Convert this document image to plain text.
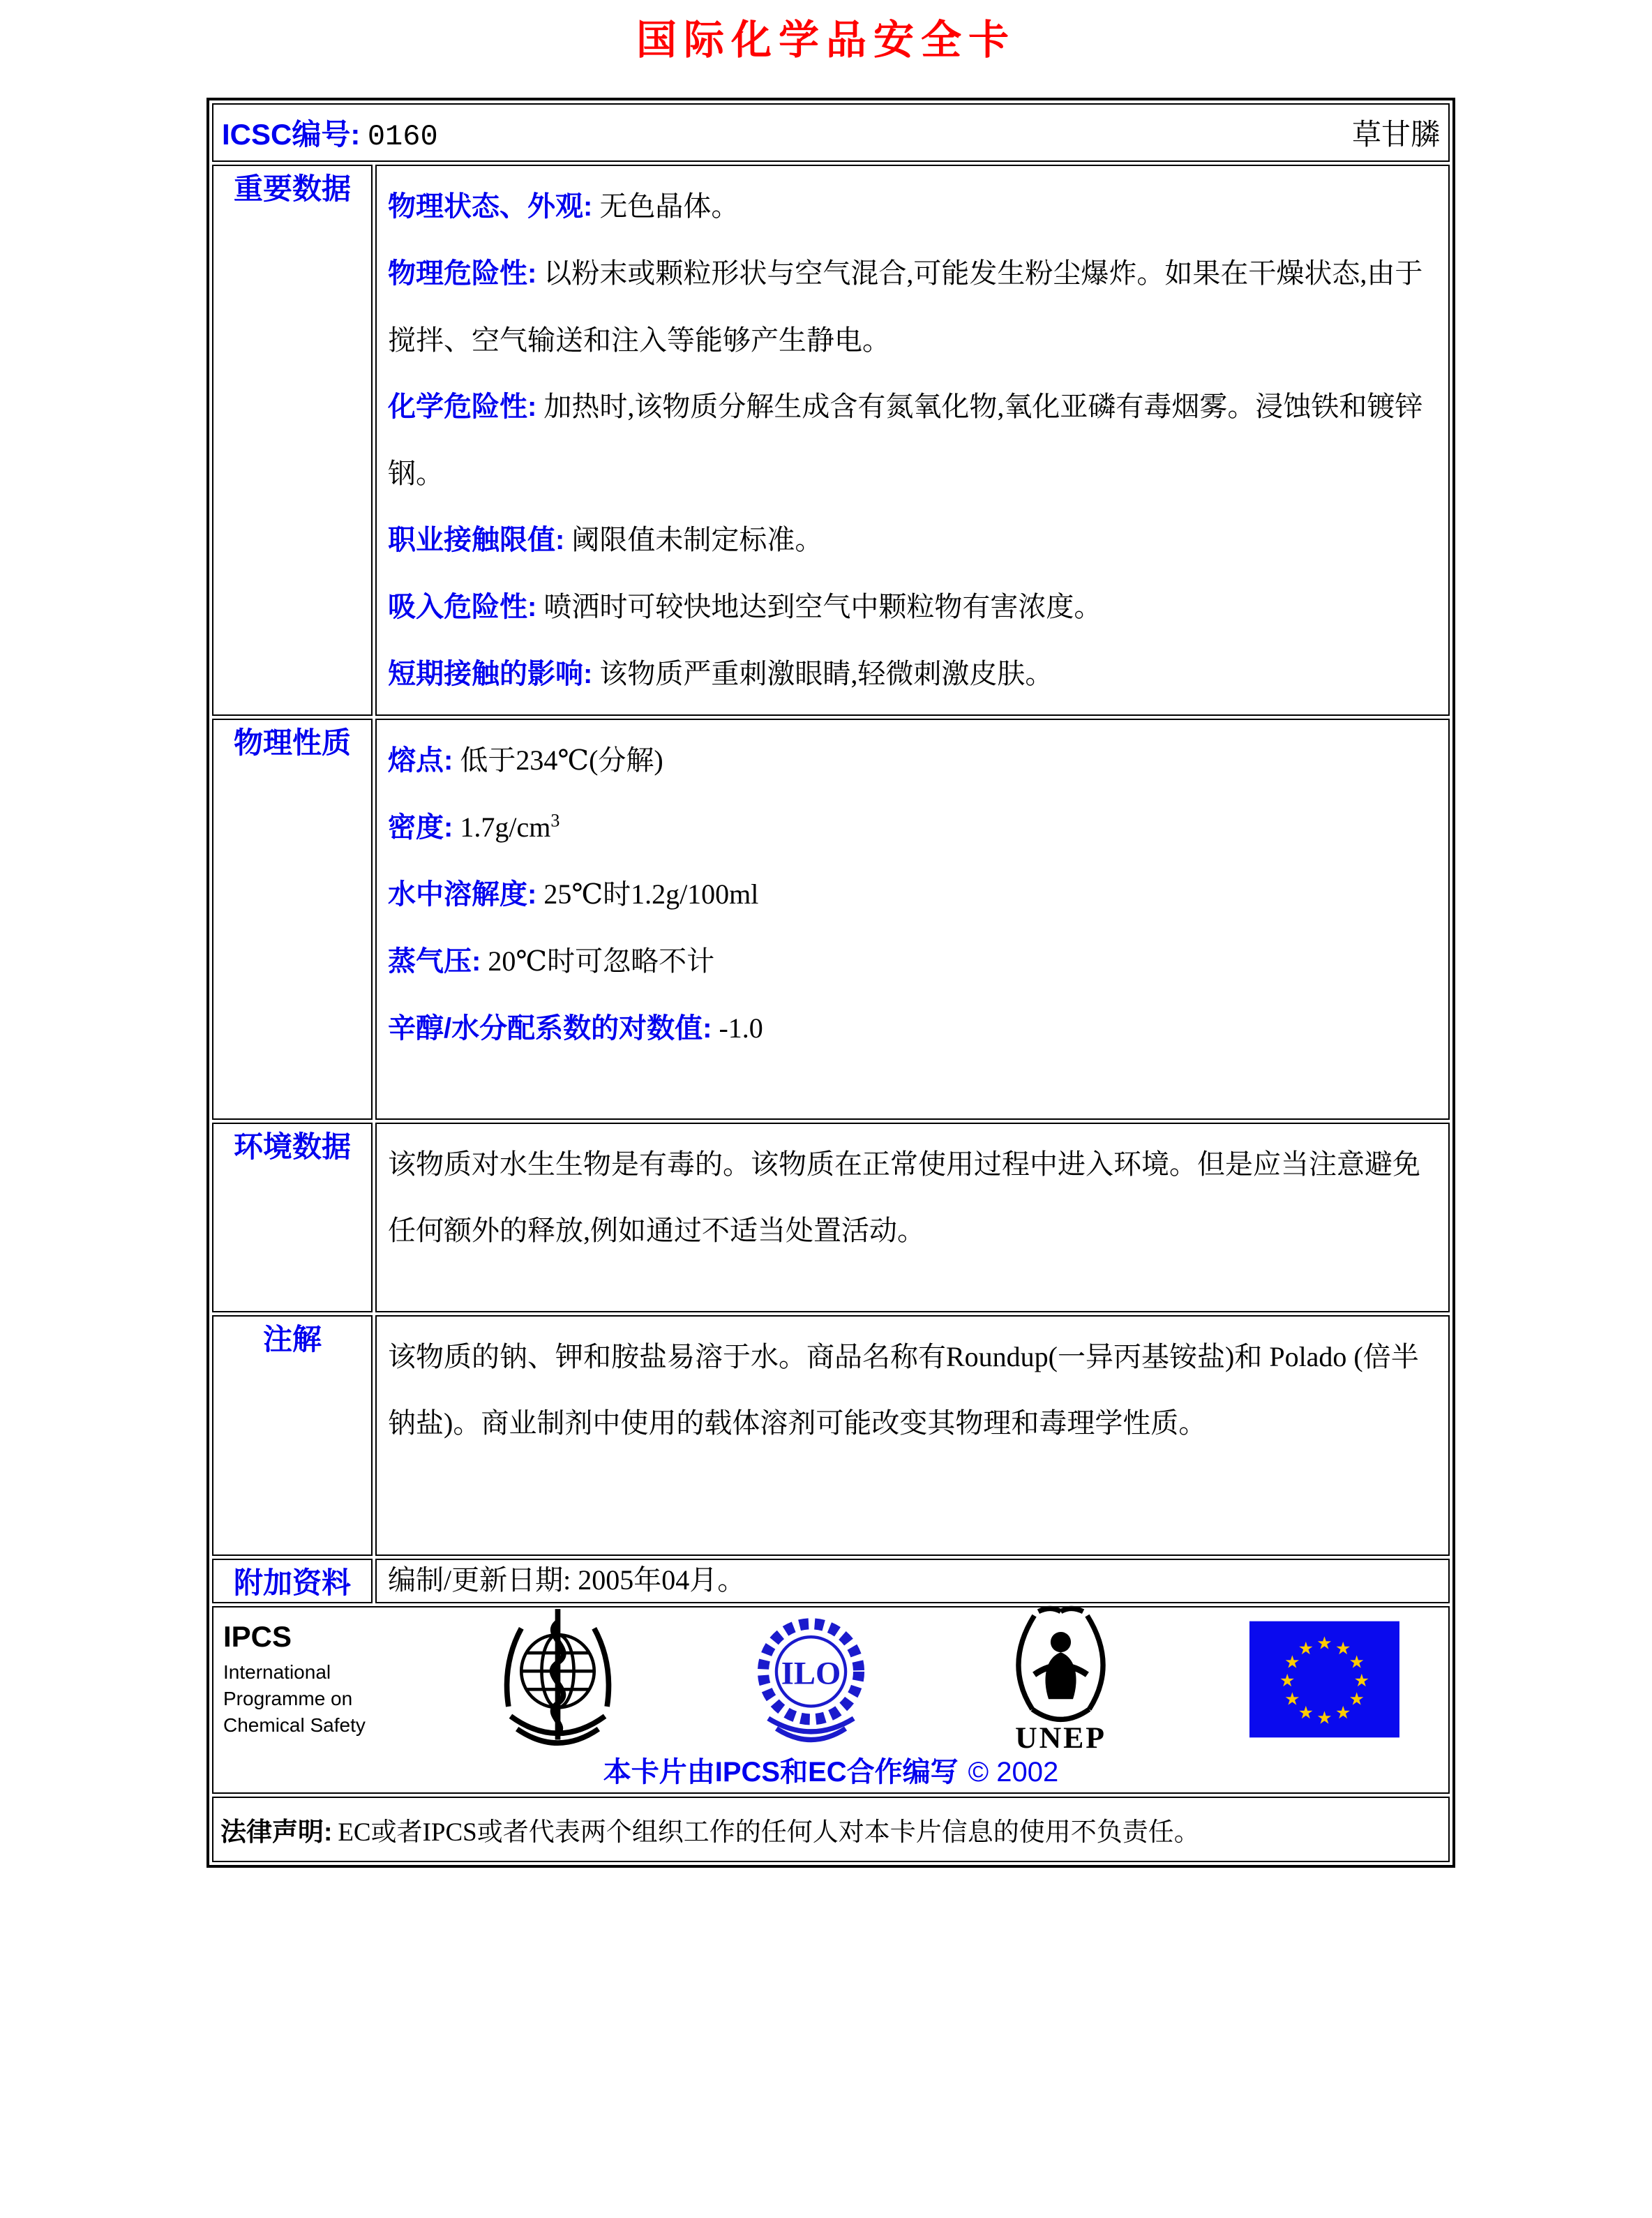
国际化学品安全卡
ICSC编号: 0160 草甘膦	

重要数据	

物理状态、外观: 无色晶体。

物理危险性: 以粉末或颗粒形状与空气混合,可能发生粉尘爆炸。如果在干燥状态,由于搅拌、空气输送和注入等能够产生静电。

化学危险性: 加热时,该物质分解生成含有氮氧化物,氧化亚磷有毒烟雾。浸蚀铁和镀锌钢。

职业接触限值: 阈限值未制定标准。

吸入危险性: 喷洒时可较快地达到空气中颗粒物有害浓度。

短期接触的影响: 该物质严重刺激眼睛,轻微刺激皮肤。

物理性质	熔点: 低于234℃(分解)

密度: $1.7g/cm^3$

水中溶解度: 25℃时1.2g/100ml

蒸气压: 20℃时可忽略不计

辛醇/水分配系数的对数值: -1.0

环境数据	该物质对水生生物是有毒的。该物质在正常使用过程中进入环境。但是应当注意避免任何额外的释放,例如通过不适当处置活动。

注解	该物质的钠、钾和胺盐易溶于水。商品名称有Roundup(一异丙基铵盐)和 Polado (倍半钠盐)。商业制剂中使用的载体溶剂可能改变其物理和毒理学性质。

附加资料	编制/更新日期: 2005年04月。

IPCS
International
Programme on
Chemical Safety
ILO
UNEP
★ ★
★
★
★
★
★
★
★
★
★
★
本卡片由IPCS和EC合作编写 © 2002

法律声明: EC或者IPCS或者代表两个组织工作的任何人对本卡片信息的使用不负责任。	
